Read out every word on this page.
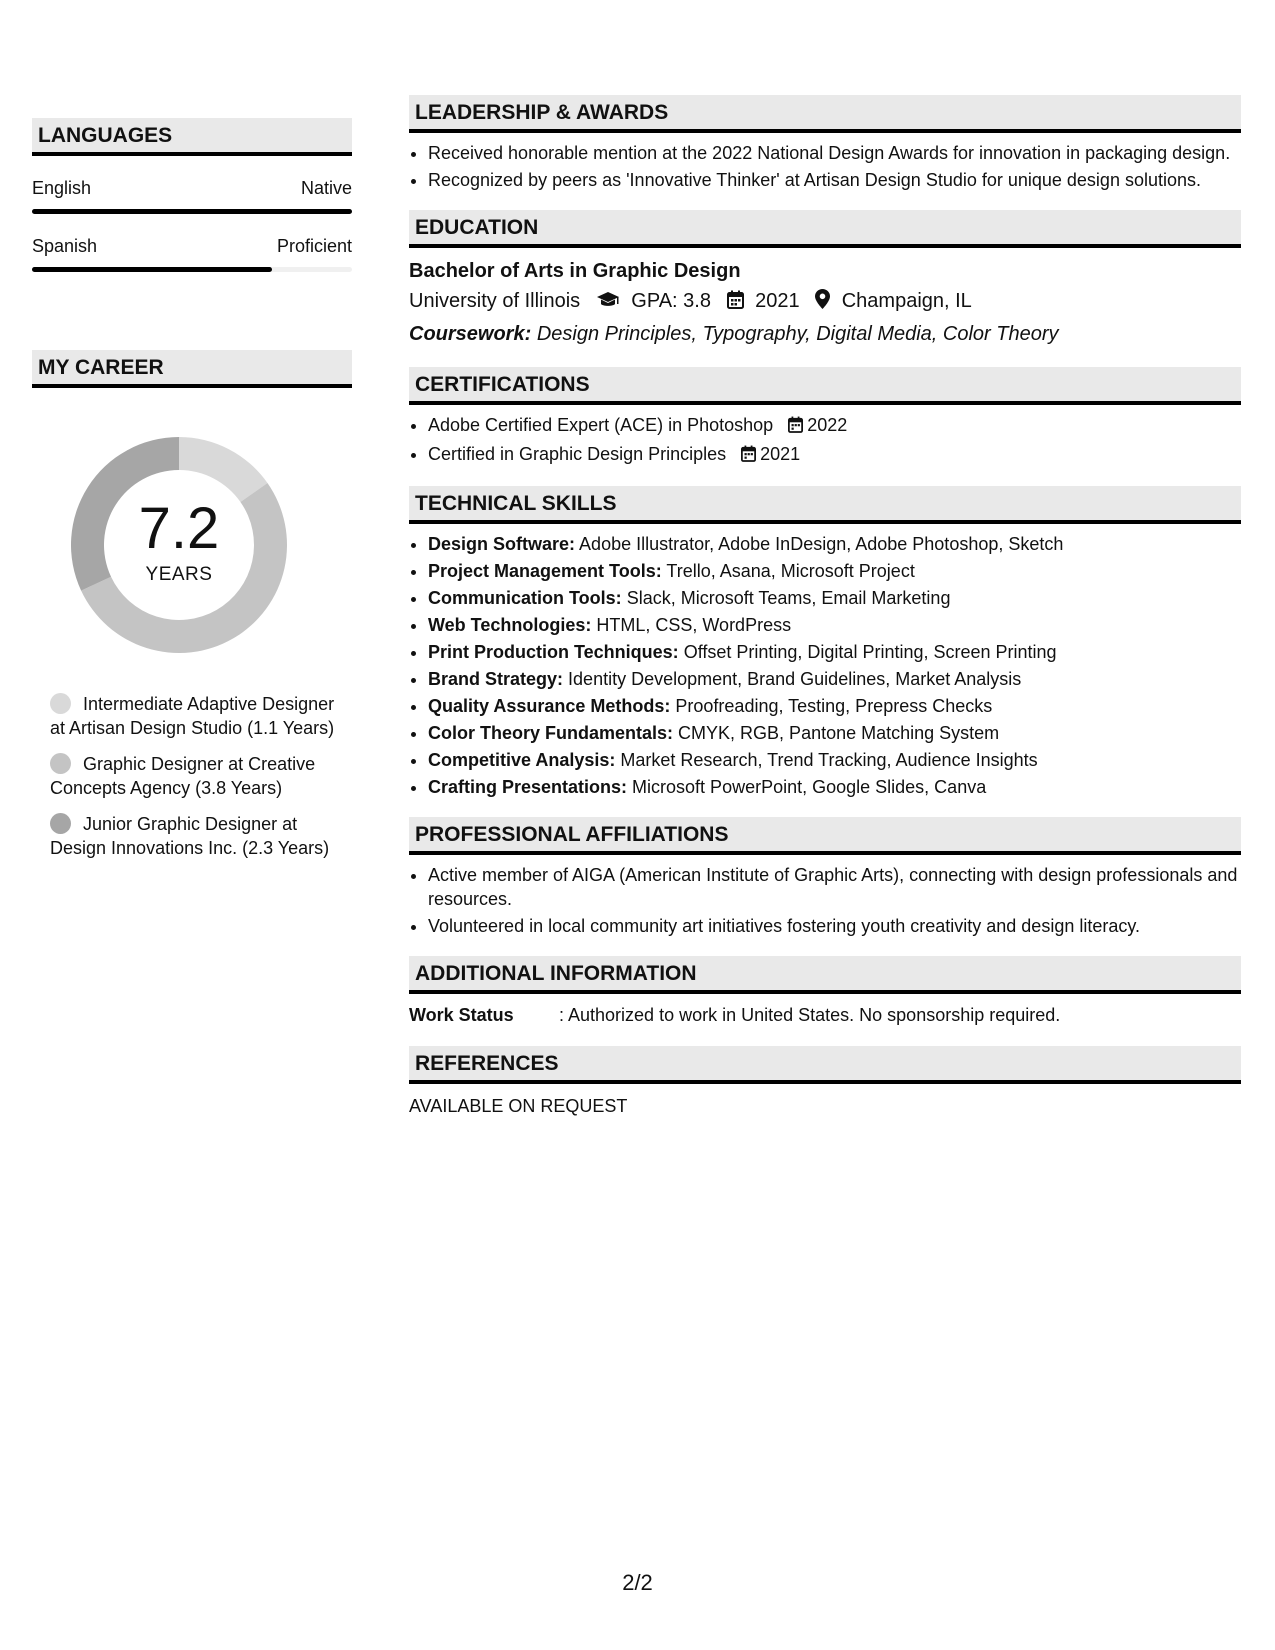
LANGUAGES
English	Native
Spanish	Proficient
MY CAREER
7.2
YEARS
Intermediate Adaptive Designer at Artisan Design Studio (1.1 Years)
Graphic Designer at Creative Concepts Agency (3.8 Years)
Junior Graphic Designer at Design Innovations Inc. (2.3 Years)
LEADERSHIP & AWARDS
• Received honorable mention at the 2022 National Design Awards for innovation in packaging design.
• Recognized by peers as 'Innovative Thinker' at Artisan Design Studio for unique design solutions.
EDUCATION
Bachelor of Arts in Graphic Design
University of Illinois	GPA: 3.8 2021 Champaign, IL
Coursework: Design Principles, Typography, Digital Media, Color Theory
CERTIFICATIONS
• Adobe Certified Expert (ACE) in Photoshop 2022
• Certified in Graphic Design Principles 2021
TECHNICAL SKILLS
• Design Software: Adobe Illustrator, Adobe InDesign, Adobe Photoshop, Sketch
• Project Management Tools: Trello, Asana, Microsoft Project
• Communication Tools: Slack, Microsoft Teams, Email Marketing
• Web Technologies: HTML, CSS, WordPress
• Print Production Techniques: Offset Printing, Digital Printing, Screen Printing
• Brand Strategy: Identity Development, Brand Guidelines, Market Analysis
• Quality Assurance Methods: Proofreading, Testing, Prepress Checks
• Color Theory Fundamentals: CMYK, RGB, Pantone Matching System
• Competitive Analysis: Market Research, Trend Tracking, Audience Insights
• Crafting Presentations: Microsoft PowerPoint, Google Slides, Canva
PROFESSIONAL AFFILIATIONS
• Active member of AIGA (American Institute of Graphic Arts), connecting with design professionals and resources.
• Volunteered in local community art initiatives fostering youth creativity and design literacy.
ADDITIONAL INFORMATION
Work Status	: Authorized to work in United States. No sponsorship required.
REFERENCES
AVAILABLE ON REQUEST
2/2
